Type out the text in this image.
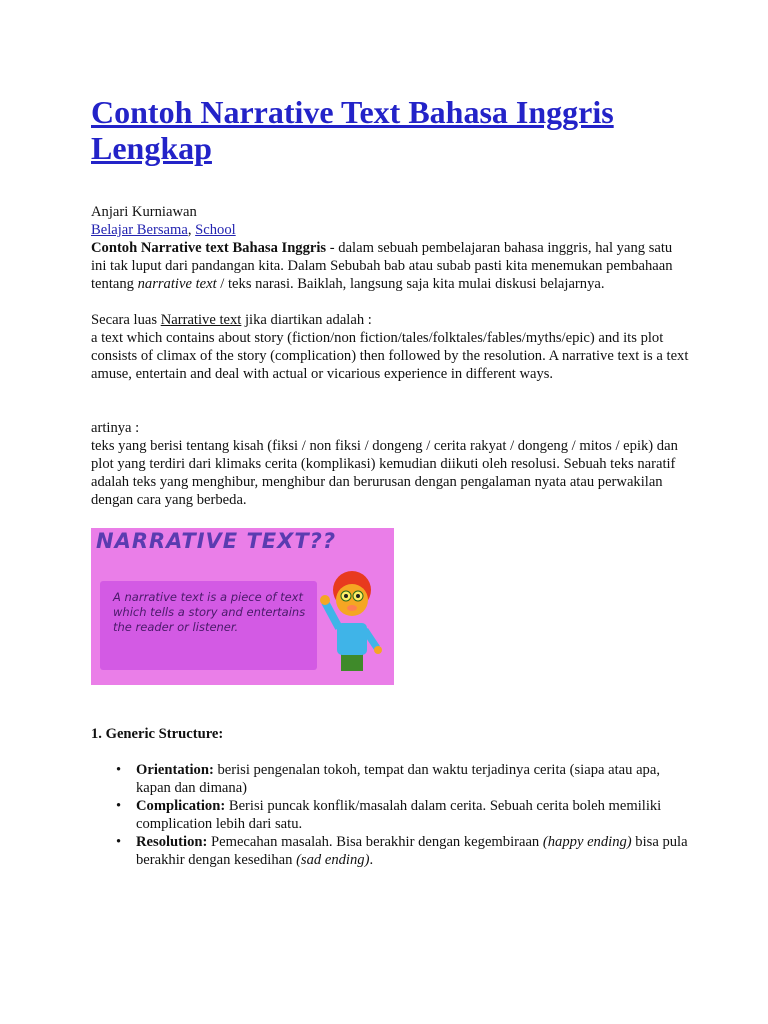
Contoh Narrative Text Bahasa Inggris Lengkap

Anjari Kurniawan

Belajar Bersama, School

Contoh Narrative text Bahasa Inggris - dalam sebuah pembelajaran bahasa inggris, hal yang satu ini tak luput dari pandangan kita. Dalam Sebubah bab atau subab pasti kita menemukan pembahaan tentang narrative text / teks narasi. Baiklah, langsung saja kita mulai diskusi belajarnya.

Secara luas Narrative text jika diartikan adalah :

a text which contains about story (fiction/non fiction/tales/folktales/fables/myths/epic) and its plot consists of climax of the story (complication) then followed by the resolution. A narrative text is a text amuse, entertain and deal with actual or vicarious experience in different ways.

artinya :

teks yang berisi tentang kisah (fiksi / non fiksi / dongeng / cerita rakyat / dongeng / mitos / epik) dan plot yang terdiri dari klimaks cerita (komplikasi) kemudian diikuti oleh resolusi. Sebuah teks naratif adalah teks yang menghibur, menghibur dan berurusan dengan pengalaman nyata atau perwakilan dengan cara yang berbeda.

NARRATIVE TEXT??
A narrative text is a piece of text which tells a story and entertains the reader or listener.

1. Generic Structure:

• Orientation: berisi pengenalan tokoh, tempat dan waktu terjadinya cerita (siapa atau apa, kapan dan dimana)
• Complication: Berisi puncak konflik/masalah dalam cerita. Sebuah cerita boleh memiliki complication lebih dari satu.
• Resolution: Pemecahan masalah. Bisa berakhir dengan kegembiraan (happy ending) bisa pula berakhir dengan kesedihan (sad ending).
